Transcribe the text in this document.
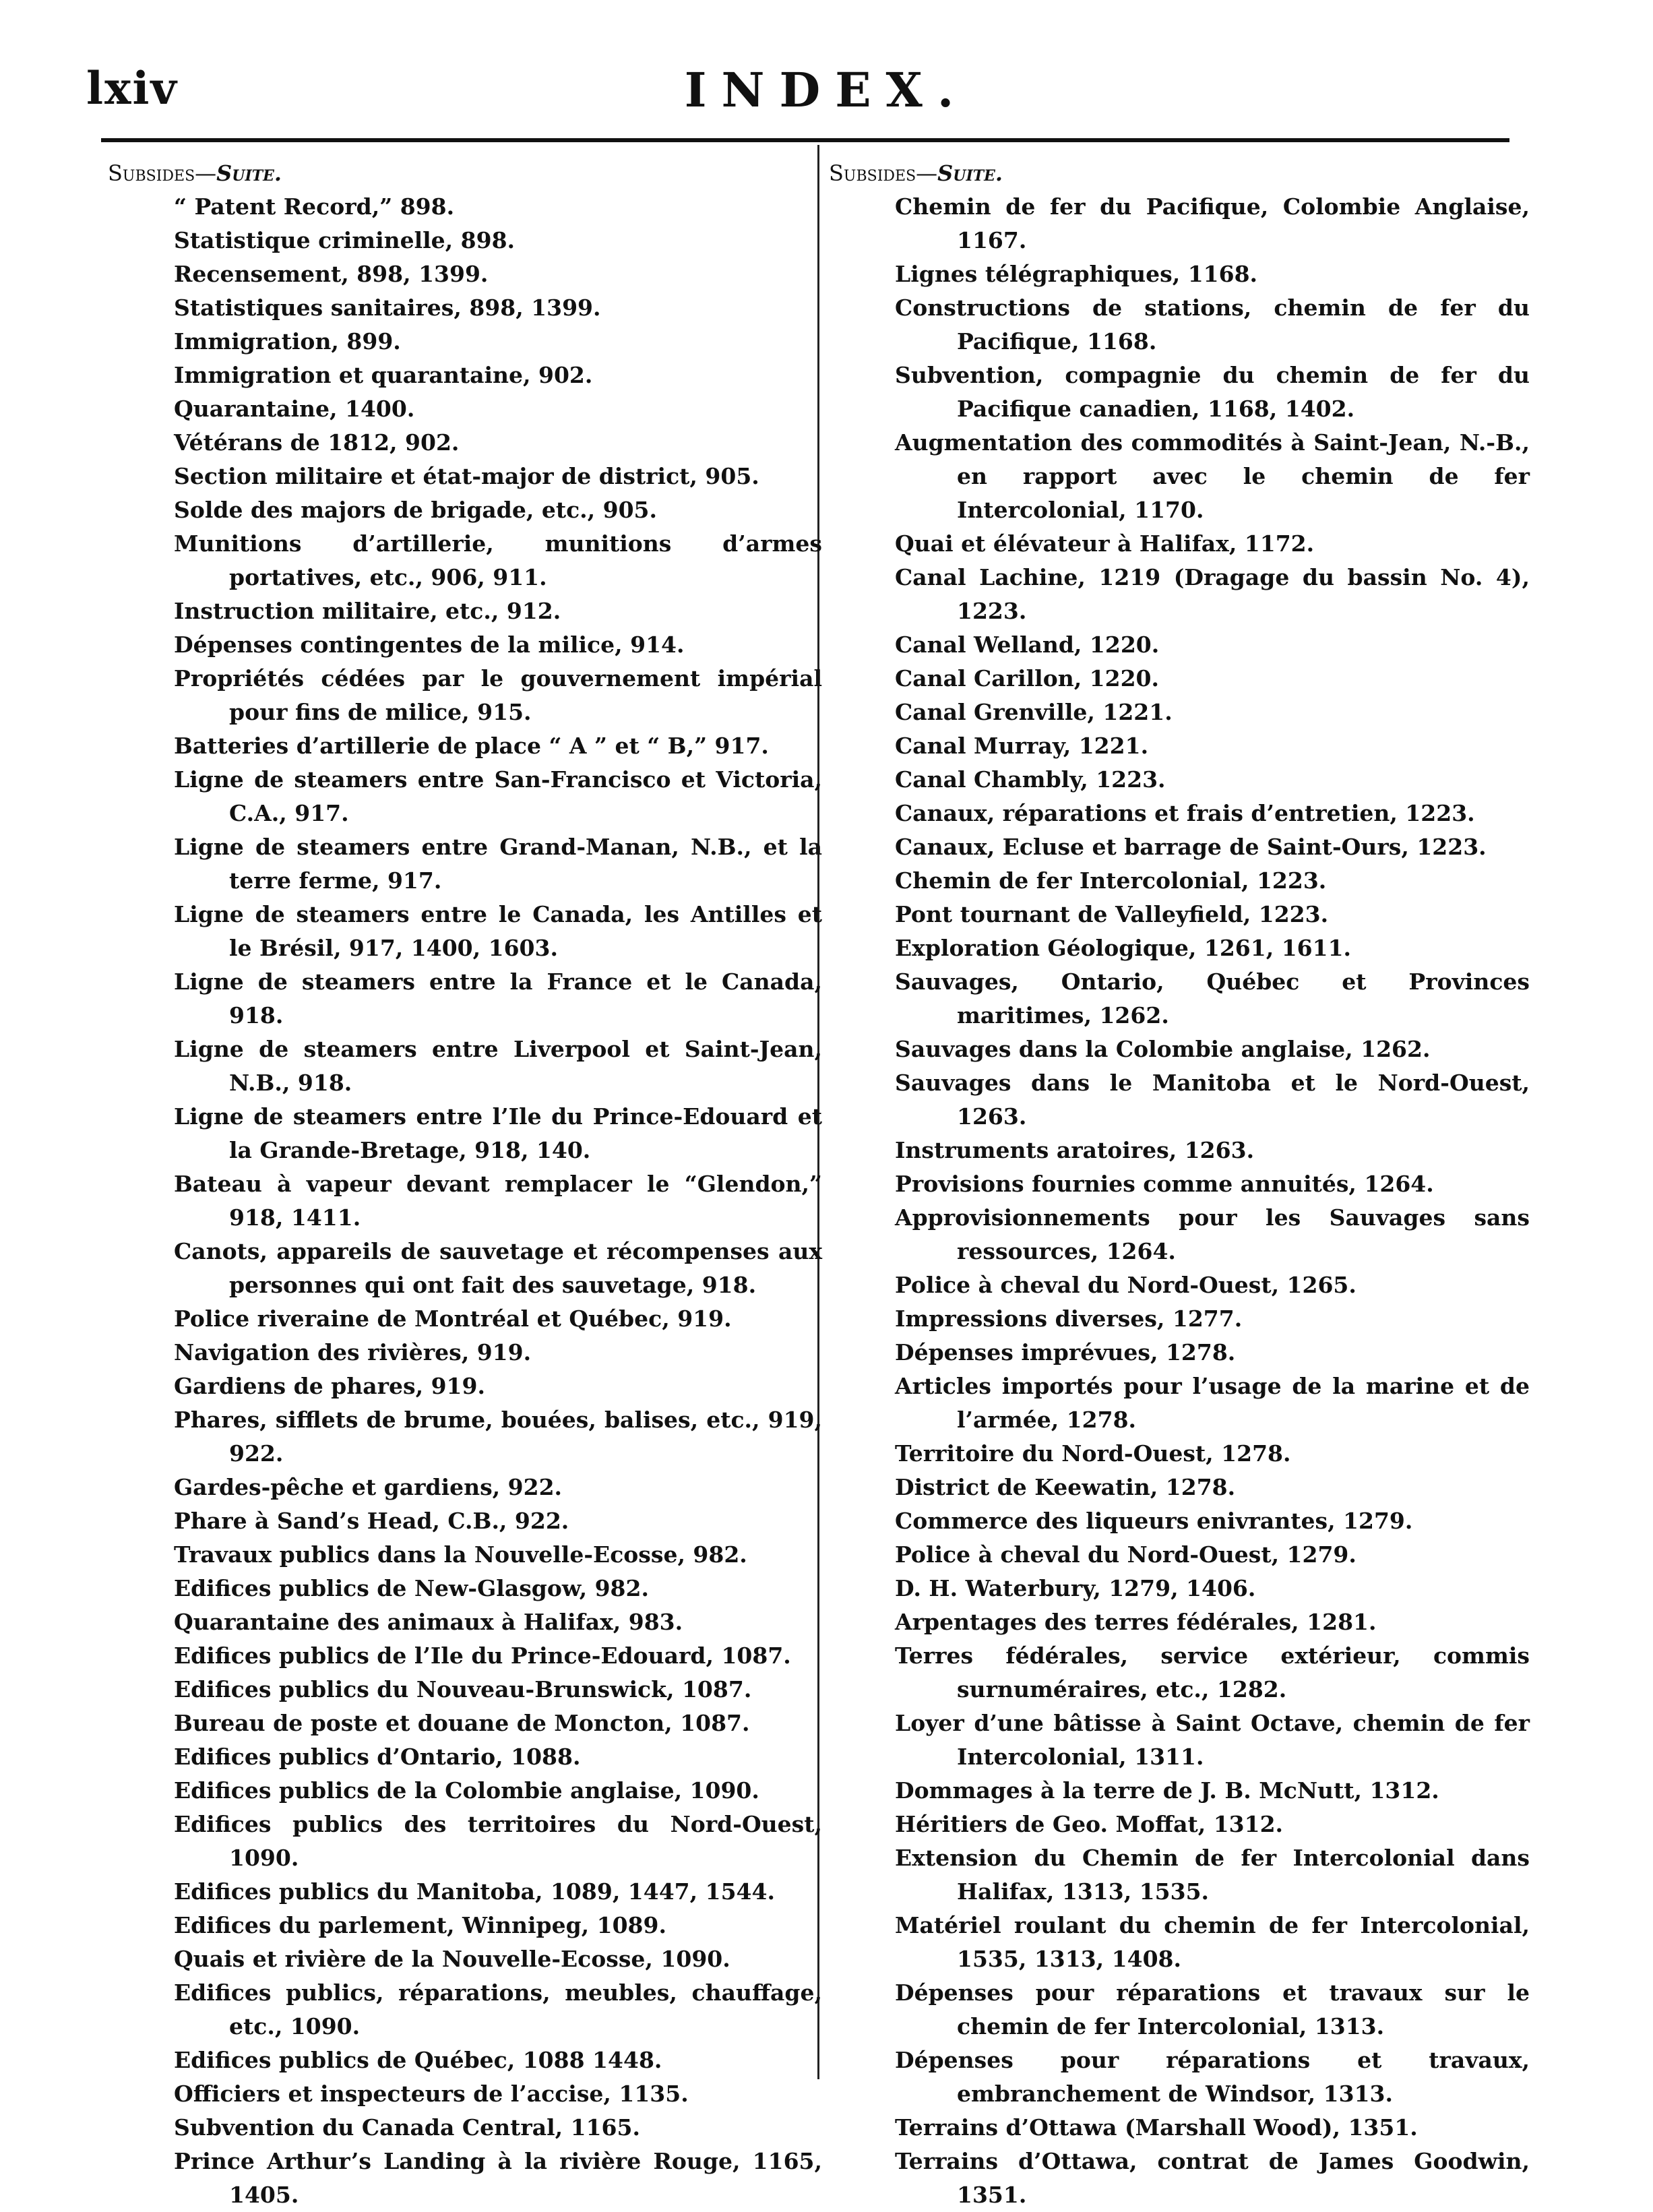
lxiv	INDEX.
Subsides—Suite.

“ Patent Record,” 898.

Statistique criminelle, 898.

Recensement, 898, 1399.

Statistiques sanitaires, 898, 1399.

Immigration, 899.

Immigration et quarantaine, 902.

Quarantaine, 1400.

Vétérans de 1812, 902.

Section militaire et état-major de district, 905.

Solde des majors de brigade, etc., 905.

Munitions d’artillerie, munitions d’armes portatives, etc., 906, 911.

Instruction militaire, etc., 912.

Dépenses contingentes de la milice, 914.

Propriétés cédées par le gouvernement impérial pour fins de milice, 915.

Batteries d’artillerie de place “ A ” et “ B,” 917.

Ligne de steamers entre San-Francisco et Victoria, C.A., 917.

Ligne de steamers entre Grand-Manan, N.B., et la terre ferme, 917.

Ligne de steamers entre le Canada, les Antilles et le Brésil, 917, 1400, 1603.

Ligne de steamers entre la France et le Canada, 918.

Ligne de steamers entre Liverpool et Saint-Jean, N.B., 918.

Ligne de steamers entre l’Ile du Prince-Edouard et la Grande-Bretage, 918, 140.

Bateau à vapeur devant remplacer le “Glendon,” 918, 1411.

Canots, appareils de sauvetage et récompenses aux personnes qui ont fait des sauvetage, 918.

Police riveraine de Montréal et Québec, 919.

Navigation des rivières, 919.

Gardiens de phares, 919.

Phares, sifflets de brume, bouées, balises, etc., 919, 922.

Gardes-pêche et gardiens, 922.

Phare à Sand’s Head, C.B., 922.

Travaux publics dans la Nouvelle-Ecosse, 982.

Edifices publics de New-Glasgow, 982.

Quarantaine des animaux à Halifax, 983.

Edifices publics de l’Ile du Prince-Edouard, 1087.

Edifices publics du Nouveau-Brunswick, 1087.

Bureau de poste et douane de Moncton, 1087.

Edifices publics d’Ontario, 1088.

Edifices publics de la Colombie anglaise, 1090.

Edifices publics des territoires du Nord-Ouest, 1090.

Edifices publics du Manitoba, 1089, 1447, 1544.

Edifices du parlement, Winnipeg, 1089.

Quais et rivière de la Nouvelle-Ecosse, 1090.

Edifices publics, réparations, meubles, chauffage, etc., 1090.

Edifices publics de Québec, 1088 1448.

Officiers et inspecteurs de l’accise, 1135.

Subvention du Canada Central, 1165.

Prince Arthur’s Landing à la rivière Rouge, 1165, 1405.

Subsides—Suite.

Chemin de fer du Pacifique, Colombie Anglaise, 1167.

Lignes télégraphiques, 1168.

Constructions de stations, chemin de fer du Pacifique, 1168.

Subvention, compagnie du chemin de fer du Pacifique canadien, 1168, 1402.

Augmentation des commodités à Saint-Jean, N.-B., en rapport avec le chemin de fer Intercolonial, 1170.

Quai et élévateur à Halifax, 1172.

Canal Lachine, 1219 (Dragage du bassin No. 4), 1223.

Canal Welland, 1220.

Canal Carillon, 1220.

Canal Grenville, 1221.

Canal Murray, 1221.

Canal Chambly, 1223.

Canaux, réparations et frais d’entretien, 1223.

Canaux, Ecluse et barrage de Saint-Ours, 1223.

Chemin de fer Intercolonial, 1223.

Pont tournant de Valleyfield, 1223.

Exploration Géologique, 1261, 1611.

Sauvages, Ontario, Québec et Provinces maritimes, 1262.

Sauvages dans la Colombie anglaise, 1262.

Sauvages dans le Manitoba et le Nord-Ouest, 1263.

Instruments aratoires, 1263.

Provisions fournies comme annuités, 1264.

Approvisionnements pour les Sauvages sans ressources, 1264.

Police à cheval du Nord-Ouest, 1265.

Impressions diverses, 1277.

Dépenses imprévues, 1278.

Articles importés pour l’usage de la marine et de l’armée, 1278.

Territoire du Nord-Ouest, 1278.

District de Keewatin, 1278.

Commerce des liqueurs enivrantes, 1279.

Police à cheval du Nord-Ouest, 1279.

D. H. Waterbury, 1279, 1406.

Arpentages des terres fédérales, 1281.

Terres fédérales, service extérieur, commis surnuméraires, etc., 1282.

Loyer d’une bâtisse à Saint Octave, chemin de fer Intercolonial, 1311.

Dommages à la terre de J. B. McNutt, 1312.

Héritiers de Geo. Moffat, 1312.

Extension du Chemin de fer Intercolonial dans Halifax, 1313, 1535.

Matériel roulant du chemin de fer Intercolonial, 1535, 1313, 1408.

Dépenses pour réparations et travaux sur le chemin de fer Intercolonial, 1313.

Dépenses pour réparations et travaux, embranchement de Windsor, 1313.

Terrains d’Ottawa (Marshall Wood), 1351.

Terrains d’Ottawa, contrat de James Goodwin, 1351.
